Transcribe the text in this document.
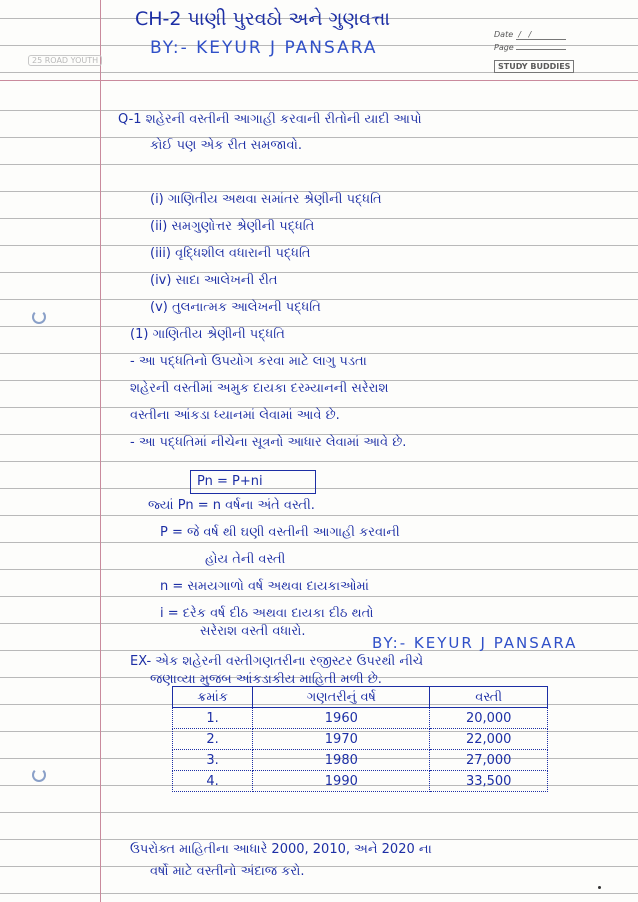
25 ROAD YOUTH
CH-2 પાણી પુરવઠો અને ગુણવત્તા
BY:- KEYUR J PANSARA
Date  /   /
Page
STUDY BUDDIES
Q-1 શહેરની વસ્તીની આગાહી કરવાની રીતોની યાદી આપો
કોઈ પણ એક રીત સમજાવો.
(i) ગાણિતીય અથવા સમાંતર શ્રેણીની પદ્ધતિ
(ii) સમગુણોત્તર શ્રેણીની પદ્ધતિ
(iii) વૃદ્ધિશીલ વધારાની પદ્ધતિ
(iv) સાદા આલેખની રીત
(v) તુલનાત્મક આલેખની પદ્ધતિ
(1) ગાણિતીય શ્રેણીની પદ્ધતિ
- આ પદ્ધતિનો ઉપયોગ કરવા માટે લાગુ પડતા
શહેરની વસ્તીમાં અમુક દાયકા દરમ્યાનની સરેરાશ
વસ્તીના આંકડા ધ્યાનમાં લેવામાં આવે છે.
- આ પદ્ધતિમાં નીચેના સૂત્રનો આધાર લેવામાં આવે છે.
Pn = P+ni
જ્યાં Pn = n વર્ષના અંતે વસ્તી.
P = જે વર્ષ થી ઘણી વસ્તીની આગાહી કરવાની
હોય તેની વસ્તી
n = સમયગાળો વર્ષ અથવા દાયકાઓમાં
i = દરેક વર્ષ દીઠ અથવા દાયકા દીઠ થતો
સરેરાશ વસ્તી વધારો.
BY:- KEYUR J PANSARA
EX- એક શહેરની વસ્તીગણતરીના રજીસ્ટર ઉપરથી નીચે
જણાવ્યા મુજબ આંકડાકીય માહિતી મળી છે.
ક્રમાંક	ગણતરીનું વર્ષ	વસ્તી
1.	1960	20,000
2.	1970	22,000
3.	1980	27,000
4.	1990	33,500
ઉપરોક્ત માહિતીના આધારે 2000, 2010, અને 2020 ના
વર્ષો માટે વસ્તીનો અંદાજ કરો.
